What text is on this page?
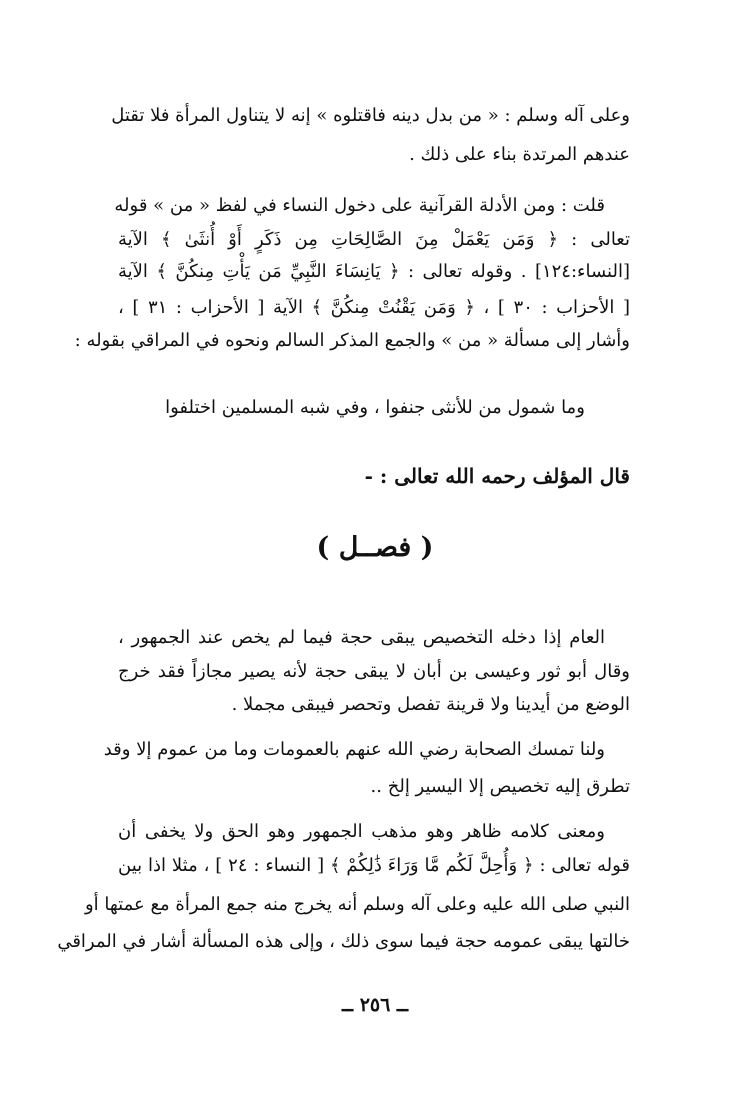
وعلى آله وسلم : « من بدل دينه فاقتلوه » إنه لا يتناول المرأة فلا تقتل
عندهم المرتدة بناء على ذلك .
قلت : ومن الأدلة القرآنية على دخول النساء في لفظ « من » قوله
تعالى : ﴿ وَمَن يَعْمَلْ مِنَ الصَّالِحَاتِ مِن ذَكَرٍ أَوْ أُنثَىٰ ﴾ الآية
[النساء:١٢٤] . وقوله تعالى : ﴿ يَانِسَاءَ النَّبِيِّ مَن يَأْتِ مِنكُنَّ ﴾ الآية
[ الأحزاب : ٣٠ ] ، ﴿ وَمَن يَقْنُتْ مِنكُنَّ ﴾ الآية [ الأحزاب : ٣١ ] ،
وأشار إلى مسألة « من » والجمع المذكر السالم ونحوه في المراقي بقوله :
وما شمول من للأنثى جنفوا ، وفي شبه المسلمين اختلفوا
قال المؤلف رحمه الله تعالى : -
( فصــل )
العام إذا دخله التخصيص يبقى حجة فيما لم يخص عند الجمهور ،
وقال أبو ثور وعيسى بن أبان لا يبقى حجة لأنه يصير مجازاً فقد خرج
الوضع من أيدينا ولا قرينة تفصل وتحصر فيبقى مجملا .
ولنا تمسك الصحابة رضي الله عنهم بالعمومات وما من عموم إلا وقد
تطرق إليه تخصيص إلا اليسير إلخ ..
ومعنى كلامه ظاهر وهو مذهب الجمهور وهو الحق ولا يخفى أن
قوله تعالى : ﴿ وَأُحِلَّ لَكُم مَّا وَرَاءَ ذَٰلِكُمْ ﴾ [ النساء : ٢٤ ] ، مثلا اذا بين
النبي صلى الله عليه وعلى آله وسلم أنه يخرج منه جمع المرأة مع عمتها أو
خالتها يبقى عمومه حجة فيما سوى ذلك ، وإلى هذه المسألة أشار في المراقي
ــ ٢٥٦ ــ
